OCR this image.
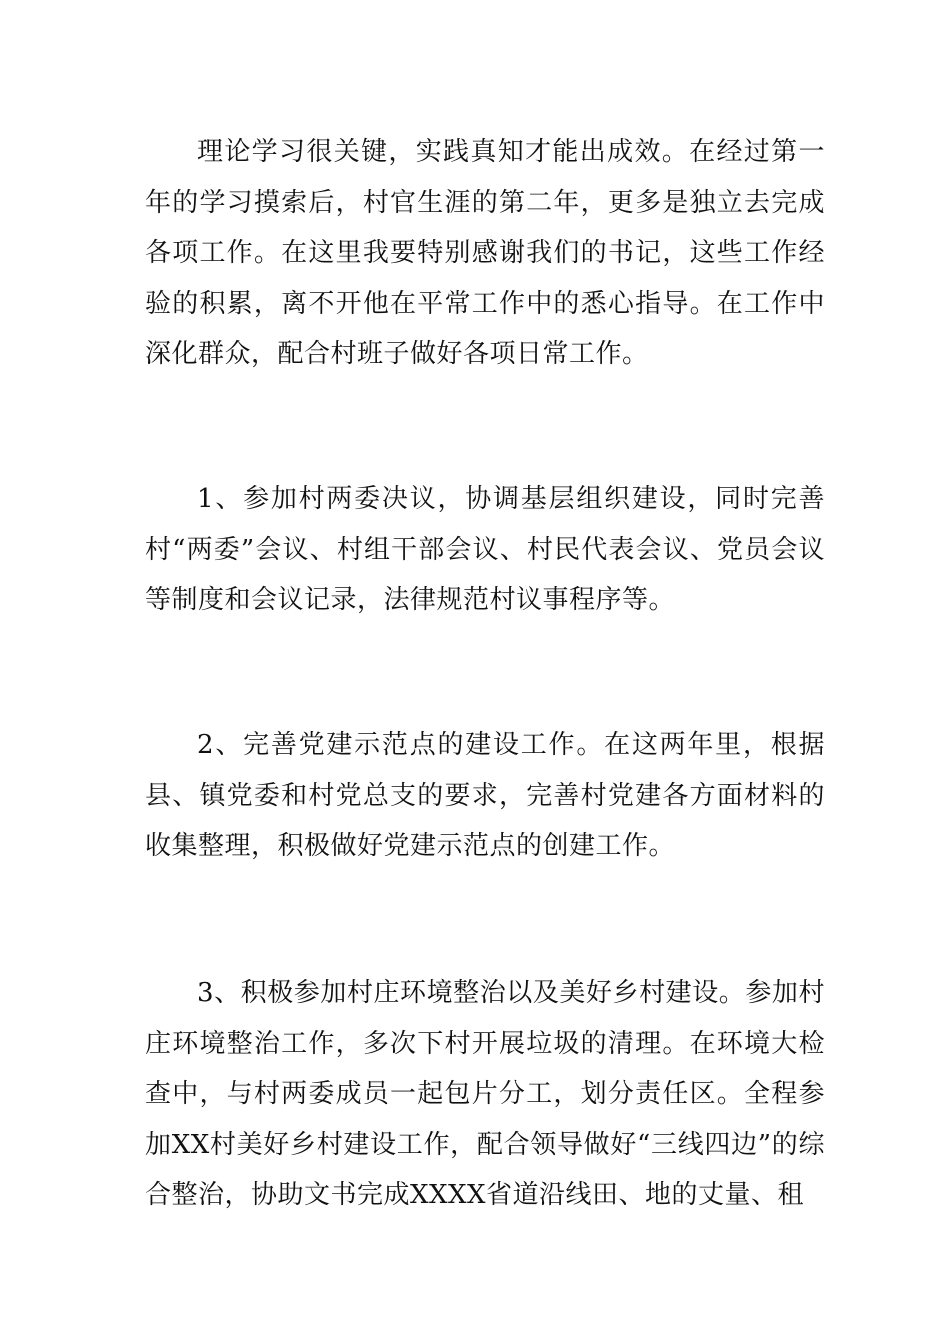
理论学习很关键，实践真知才能出成效。在经过第一年的学习摸索后，村官生涯的第二年，更多是独立去完成各项工作。在这里我要特别感谢我们的书记，这些工作经验的积累，离不开他在平常工作中的悉心指导。在工作中深化群众，配合村班子做好各项日常工作。

1、参加村两委决议，协调基层组织建设，同时完善村“两委”会议、村组干部会议、村民代表会议、党员会议等制度和会议记录，法律规范村议事程序等。

2、完善党建示范点的建设工作。在这两年里，根据县、镇党委和村党总支的要求，完善村党建各方面材料的收集整理，积极做好党建示范点的创建工作。

3、积极参加村庄环境整治以及美好乡村建设。参加村庄环境整治工作，多次下村开展垃圾的清理。在环境大检查中，与村两委成员一起包片分工，划分责任区。全程参加XX村美好乡村建设工作，配合领导做好“三线四边”的综合整治，协助文书完成XXXX省道沿线田、地的丈量、租
